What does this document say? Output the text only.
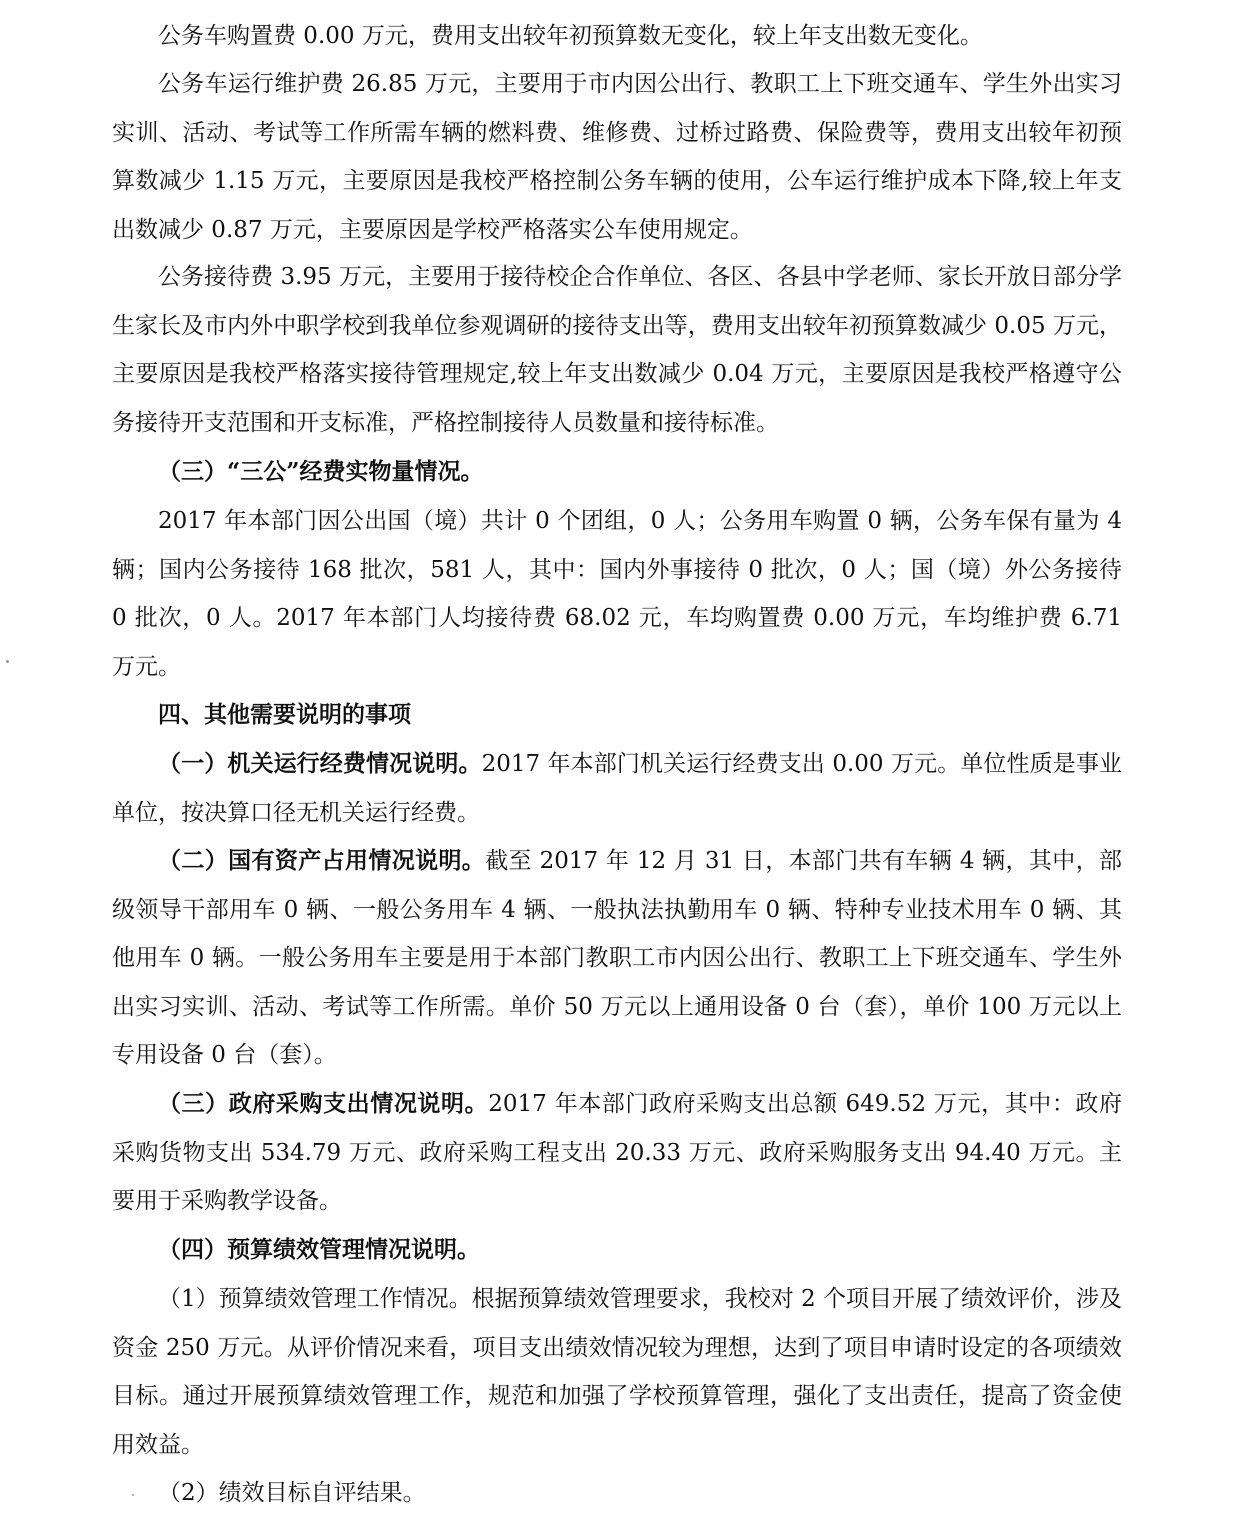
公务车购置费 0.00 万元，费用支出较年初预算数无变化，较上年支出数无变化。

公务车运行维护费 26.85 万元，主要用于市内因公出行、教职工上下班交通车、学生外出实习实训、活动、考试等工作所需车辆的燃料费、维修费、过桥过路费、保险费等，费用支出较年初预算数减少 1.15 万元，主要原因是我校严格控制公务车辆的使用，公车运行维护成本下降,较上年支出数减少 0.87 万元，主要原因是学校严格落实公车使用规定。

公务接待费 3.95 万元，主要用于接待校企合作单位、各区、各县中学老师、家长开放日部分学生家长及市内外中职学校到我单位参观调研的接待支出等，费用支出较年初预算数减少 0.05 万元，主要原因是我校严格落实接待管理规定,较上年支出数减少 0.04 万元，主要原因是我校严格遵守公务接待开支范围和开支标准，严格控制接待人员数量和接待标准。

（三）“三公”经费实物量情况。

2017 年本部门因公出国（境）共计 0 个团组，0 人；公务用车购置 0 辆，公务车保有量为 4 辆；国内公务接待 168 批次，581 人，其中：国内外事接待 0 批次，0 人；国（境）外公务接待 0 批次，0 人。2017 年本部门人均接待费 68.02 元，车均购置费 0.00 万元，车均维护费 6.71 万元。

四、其他需要说明的事项

（一）机关运行经费情况说明。2017 年本部门机关运行经费支出 0.00 万元。单位性质是事业单位，按决算口径无机关运行经费。

（二）国有资产占用情况说明。截至 2017 年 12 月 31 日，本部门共有车辆 4 辆，其中，部级领导干部用车 0 辆、一般公务用车 4 辆、一般执法执勤用车 0 辆、特种专业技术用车 0 辆、其他用车 0 辆。一般公务用车主要是用于本部门教职工市内因公出行、教职工上下班交通车、学生外出实习实训、活动、考试等工作所需。单价 50 万元以上通用设备 0 台（套），单价 100 万元以上专用设备 0 台（套）。

（三）政府采购支出情况说明。2017 年本部门政府采购支出总额 649.52 万元，其中：政府采购货物支出 534.79 万元、政府采购工程支出 20.33 万元、政府采购服务支出 94.40 万元。主要用于采购教学设备。

（四）预算绩效管理情况说明。

（1）预算绩效管理工作情况。根据预算绩效管理要求，我校对 2 个项目开展了绩效评价，涉及资金 250 万元。从评价情况来看，项目支出绩效情况较为理想，达到了项目申请时设定的各项绩效目标。通过开展预算绩效管理工作，规范和加强了学校预算管理，强化了支出责任，提高了资金使用效益。

（2）绩效目标自评结果。
